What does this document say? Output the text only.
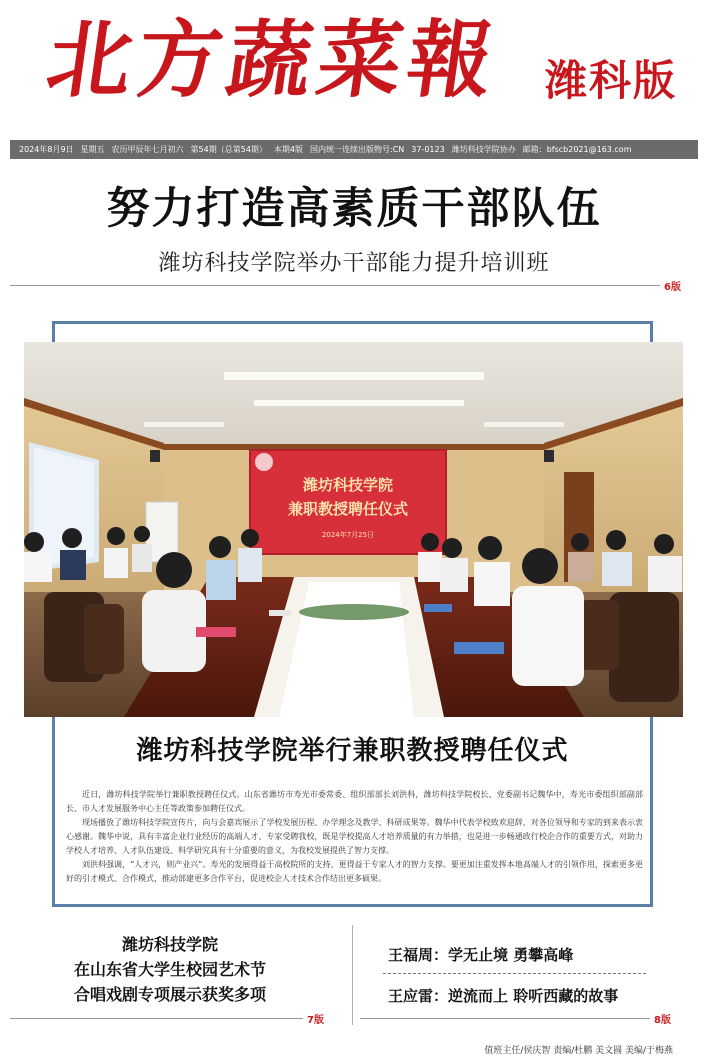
北方蔬菜報 潍科版
2024年8月9日 星期五 农历甲辰年七月初六 第54期（总第54期） 本期4版 国内统一连续出版物号:CN 37-0123 潍坊科技学院协办 邮箱：bfscb2021@163.com
努力打造高素质干部队伍
潍坊科技学院举办干部能力提升培训班
6版
潍坊科技学院
兼职教授聘任仪式
2024年7月25日
潍坊科技学院举行兼职教授聘任仪式

近日，潍坊科技学院举行兼职教授聘任仪式。山东省潍坊市寿光市委常委、组织部部长刘洪科，潍坊科技学院校长、党委副书记魏华中，寿光市委组织部副部长、市人才发展服务中心主任等政策参加聘任仪式。

现场播放了潍坊科技学院宣传片，向与会嘉宾展示了学校发展历程、办学理念及教学、科研成果等。魏华中代表学校致欢迎辞，对各位领导和专家的到来表示衷心感谢。魏华中说，具有丰富企业行业经历的高端人才、专家受聘我校，既是学校提高人才培养质量的有力举措，也是进一步畅通政行校企合作的重要方式，对助力学校人才培养、人才队伍建设、科学研究具有十分重要的意义，为我校发展提供了智力支撑。

刘洪科强调，“人才兴，则产业兴”。寿光的发展得益于高校院所的支持、更得益于专家人才的智力支撑。要更加注重发挥本地高端人才的引领作用，探索更多更好的引才模式、合作模式，推动部建更多合作平台，促进校企人才技术合作结出更多硕果。

潍坊科技学院
在山东省大学生校园艺术节
合唱戏剧专项展示获奖多项
7版
王福周：学无止境 勇攀高峰
王应雷：逆流而上 聆听西藏的故事
8版
值班主任/侯庆智 责编/杜鹏 美文圆 美编/于梅燕
